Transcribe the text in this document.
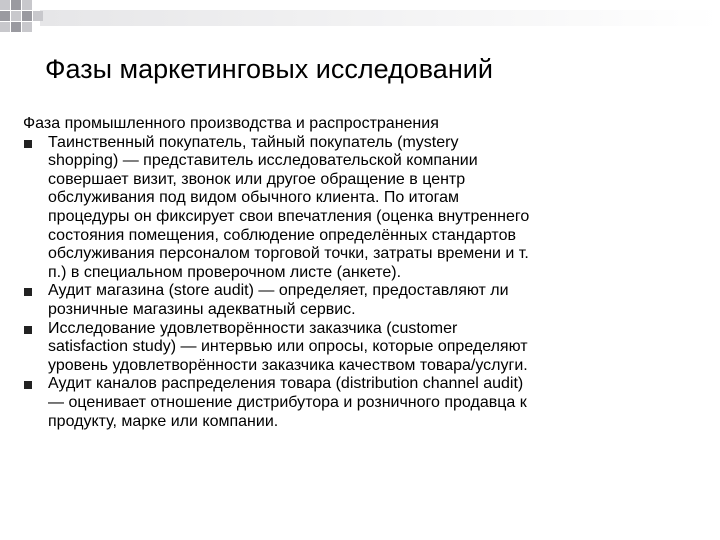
Фазы маркетинговых исследований

Фаза промышленного производства и распространения

Таинственный покупатель, тайный покупатель (mystery
shopping) — представитель исследовательской компании
совершает визит, звонок или другое обращение в центр
обслуживания под видом обычного клиента. По итогам
процедуры он фиксирует свои впечатления (оценка внутреннего
состояния помещения, соблюдение определённых стандартов
обслуживания персоналом торговой точки, затраты времени и т.
п.) в специальном проверочном листе (анкете).
Аудит магазина (store audit) — определяет, предоставляют ли
розничные магазины адекватный сервис.
Исследование удовлетворённости заказчика (customer
satisfaction study) — интервью или опросы, которые определяют
уровень удовлетворённости заказчика качеством товара/услуги.
Аудит каналов распределения товара (distribution channel audit)
— оценивает отношение дистрибутора и розничного продавца к
продукту, марке или компании.
